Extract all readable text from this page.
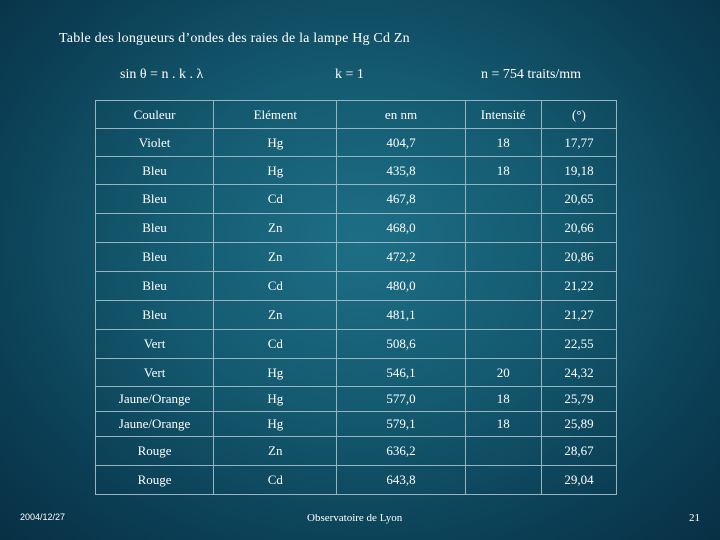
Table des longueurs d’ondes des raies de la lampe Hg Cd Zn
sin θ = n . k . λ	k = 1	n = 754 traits/mm
Couleur	Elément	en nm	Intensité	(°)
Violet	Hg	404,7	18	17,77
Bleu	Hg	435,8	18	19,18
Bleu	Cd	467,8		20,65
Bleu	Zn	468,0		20,66
Bleu	Zn	472,2		20,86
Bleu	Cd	480,0		21,22
Bleu	Zn	481,1		21,27
Vert	Cd	508,6		22,55
Vert	Hg	546,1	20	24,32
Jaune/Orange	Hg	577,0	18	25,79
Jaune/Orange	Hg	579,1	18	25,89
Rouge	Zn	636,2		28,67
Rouge	Cd	643,8		29,04
2004/12/27	Observatoire de Lyon	21
